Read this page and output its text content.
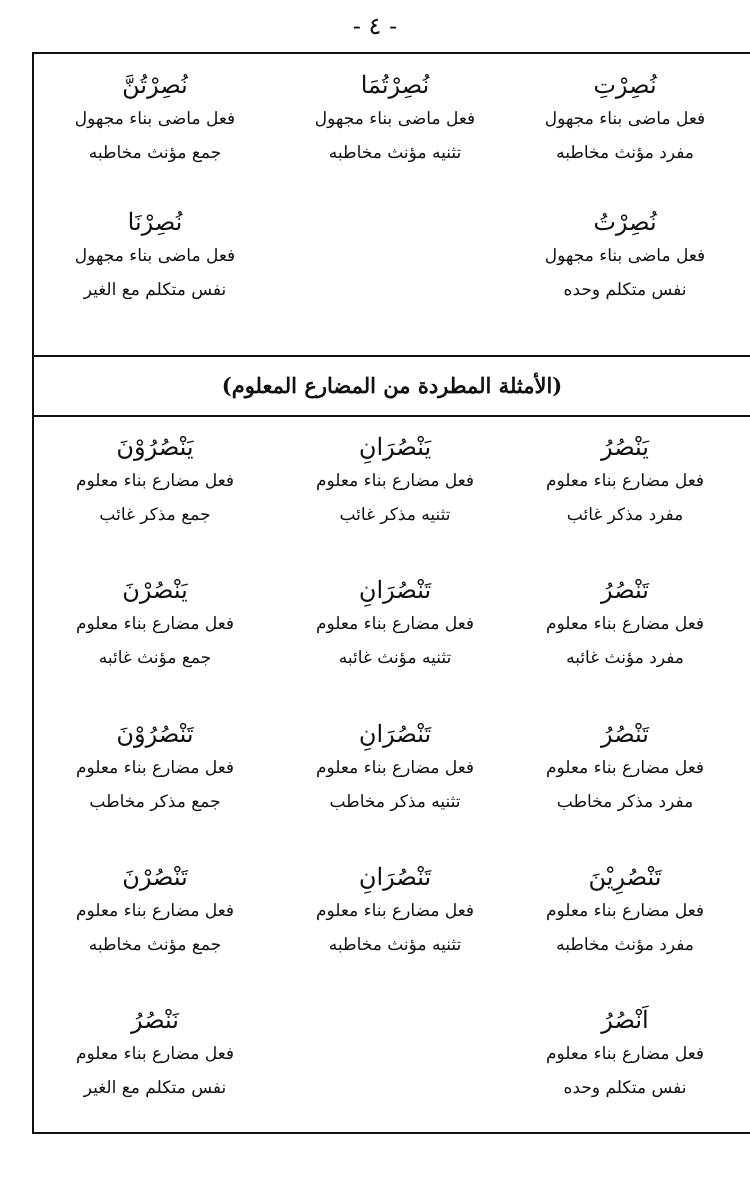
- ٤ -
نُصِرْتِ
فعل ماضى بناء مجهول
مفرد مؤنث مخاطبه
نُصِرْتُمَا
فعل ماضى بناء مجهول
تثنيه مؤنث مخاطبه
نُصِرْتُنَّ
فعل ماضى بناء مجهول
جمع مؤنث مخاطبه
نُصِرْتُ
فعل ماضى بناء مجهول
نفس متكلم وحده
نُصِرْنَا
فعل ماضى بناء مجهول
نفس متكلم مع الغير
(الأمثلة المطردة من المضارع المعلوم)
يَنْصُرُ
فعل مضارع بناء معلوم
مفرد مذكر غائب
يَنْصُرَانِ
فعل مضارع بناء معلوم
تثنيه مذكر غائب
يَنْصُرُوْنَ
فعل مضارع بناء معلوم
جمع مذكر غائب
تَنْصُرُ
فعل مضارع بناء معلوم
مفرد مؤنث غائبه
تَنْصُرَانِ
فعل مضارع بناء معلوم
تثنيه مؤنث غائبه
يَنْصُرْنَ
فعل مضارع بناء معلوم
جمع مؤنث غائبه
تَنْصُرُ
فعل مضارع بناء معلوم
مفرد مذكر مخاطب
تَنْصُرَانِ
فعل مضارع بناء معلوم
تثنيه مذكر مخاطب
تَنْصُرُوْنَ
فعل مضارع بناء معلوم
جمع مذكر مخاطب
تَنْصُرِيْنَ
فعل مضارع بناء معلوم
مفرد مؤنث مخاطبه
تَنْصُرَانِ
فعل مضارع بناء معلوم
تثنيه مؤنث مخاطبه
تَنْصُرْنَ
فعل مضارع بناء معلوم
جمع مؤنث مخاطبه
اَنْصُرُ
فعل مضارع بناء معلوم
نفس متكلم وحده
نَنْصُرُ
فعل مضارع بناء معلوم
نفس متكلم مع الغير
